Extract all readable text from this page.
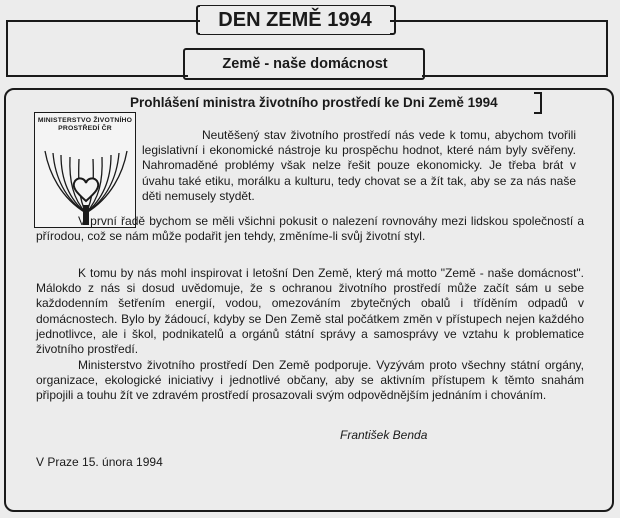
DEN ZEMĚ 1994
Země - naše domácnost
Prohlášení ministra životního prostředí ke Dni Země 1994
MINISTERSTVO ŽIVOTNÍHO PROSTŘEDÍ ČR	Neutěšený stav životního prostředí nás vede k tomu, abychom tvořili legislativní i ekonomické nástroje ku prospěchu hodnot, které nám byly svěřeny. Nahromaděné problémy však nelze řešit pouze ekonomicky. Je třeba brát v úvahu také etiku, morálku a kulturu, tedy chovat se a žít tak, aby se za nás naše děti nemusely stydět.
V první řadě bychom se měli všichni pokusit o nalezení rovnováhy mezi lidskou společností a přírodou, což se nám může podařit jen tehdy, změníme-li svůj životní styl.
K tomu by nás mohl inspirovat i letošní Den Země, který má motto "Země - naše domácnost". Málokdo z nás si dosud uvědomuje, že s ochranou životního prostředí může začít sám u sebe každodenním šetřením energií, vodou, omezováním zbytečných obalů i tříděním odpadů v domácnostech. Bylo by žádoucí, kdyby se Den Země stal počátkem změn v přístupech nejen každého jednotlivce, ale i škol, podnikatelů a orgánů státní správy a samosprávy ve vztahu k problematice životního prostředí.
Ministerstvo životního prostředí Den Země podporuje. Vyzývám proto všechny státní orgány, organizace, ekologické iniciativy i jednotlivé občany, aby se aktivním přístupem k těmto snahám připojili a touhu žít ve zdravém prostředí prosazovali svým odpovědnějším jednáním i chováním.
František Benda
V Praze 15. února 1994
